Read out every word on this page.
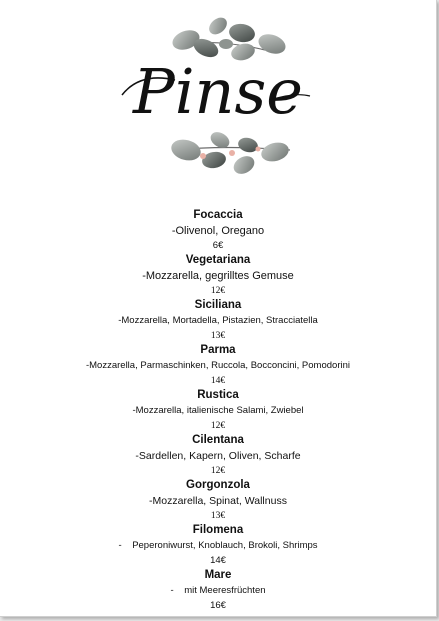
Pinse
Focaccia
-Olivenol, Oregano
6€
Vegetariana
-Mozzarella, gegrilltes Gemuse
12€
Siciliana
-Mozzarella, Mortadella, Pistazien, Stracciatella
13€
Parma
-Mozzarella, Parmaschinken, Ruccola, Bocconcini, Pomodorini
14€
Rustica
-Mozzarella, italienische Salami, Zwiebel
12€
Cilentana
-Sardellen, Kapern, Oliven, Scharfe
12€
Gorgonzola
-Mozzarella, Spinat, Wallnuss
13€
Filomena
-    Peperoniwurst, Knoblauch, Brokoli, Shrimps
14€
Mare
-    mit Meeresfrüchten
16€
